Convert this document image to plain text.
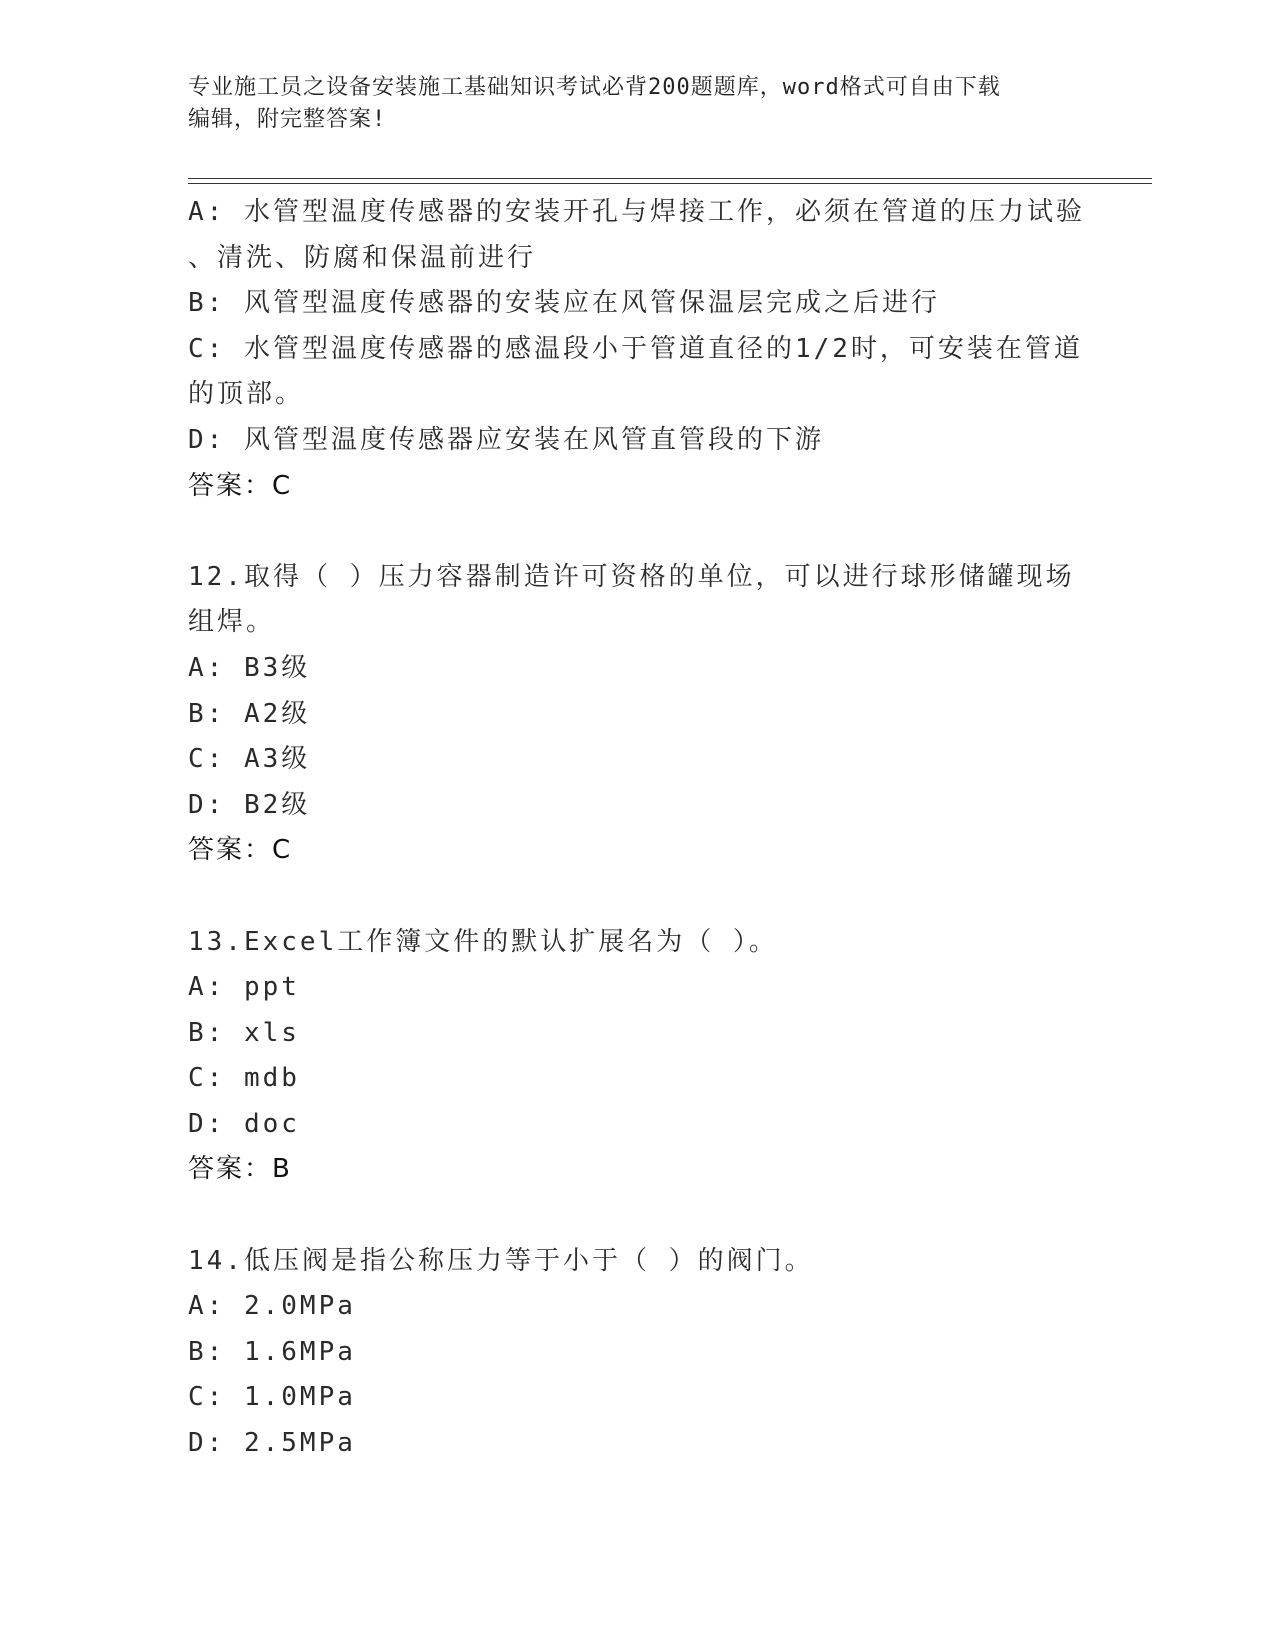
专业施工员之设备安装施工基础知识考试必背200题题库，word格式可自由下载
编辑，附完整答案!
A: 水管型温度传感器的安装开孔与焊接工作，必须在管道的压力试验
、清洗、防腐和保温前进行
B: 风管型温度传感器的安装应在风管保温层完成之后进行
C: 水管型温度传感器的感温段小于管道直径的1/2时，可安装在管道
的顶部。
D: 风管型温度传感器应安装在风管直管段的下游
答案：C
12.取得（ ）压力容器制造许可资格的单位，可以进行球形储罐现场
组焊。
A: B3级
B: A2级
C: A3级
D: B2级
答案：C
13.Excel工作簿文件的默认扩展名为（ ）。
A: ppt
B: xls
C: mdb
D: doc
答案：B
14.低压阀是指公称压力等于小于（ ）的阀门。
A: 2.0MPa
B: 1.6MPa
C: 1.0MPa
D: 2.5MPa
